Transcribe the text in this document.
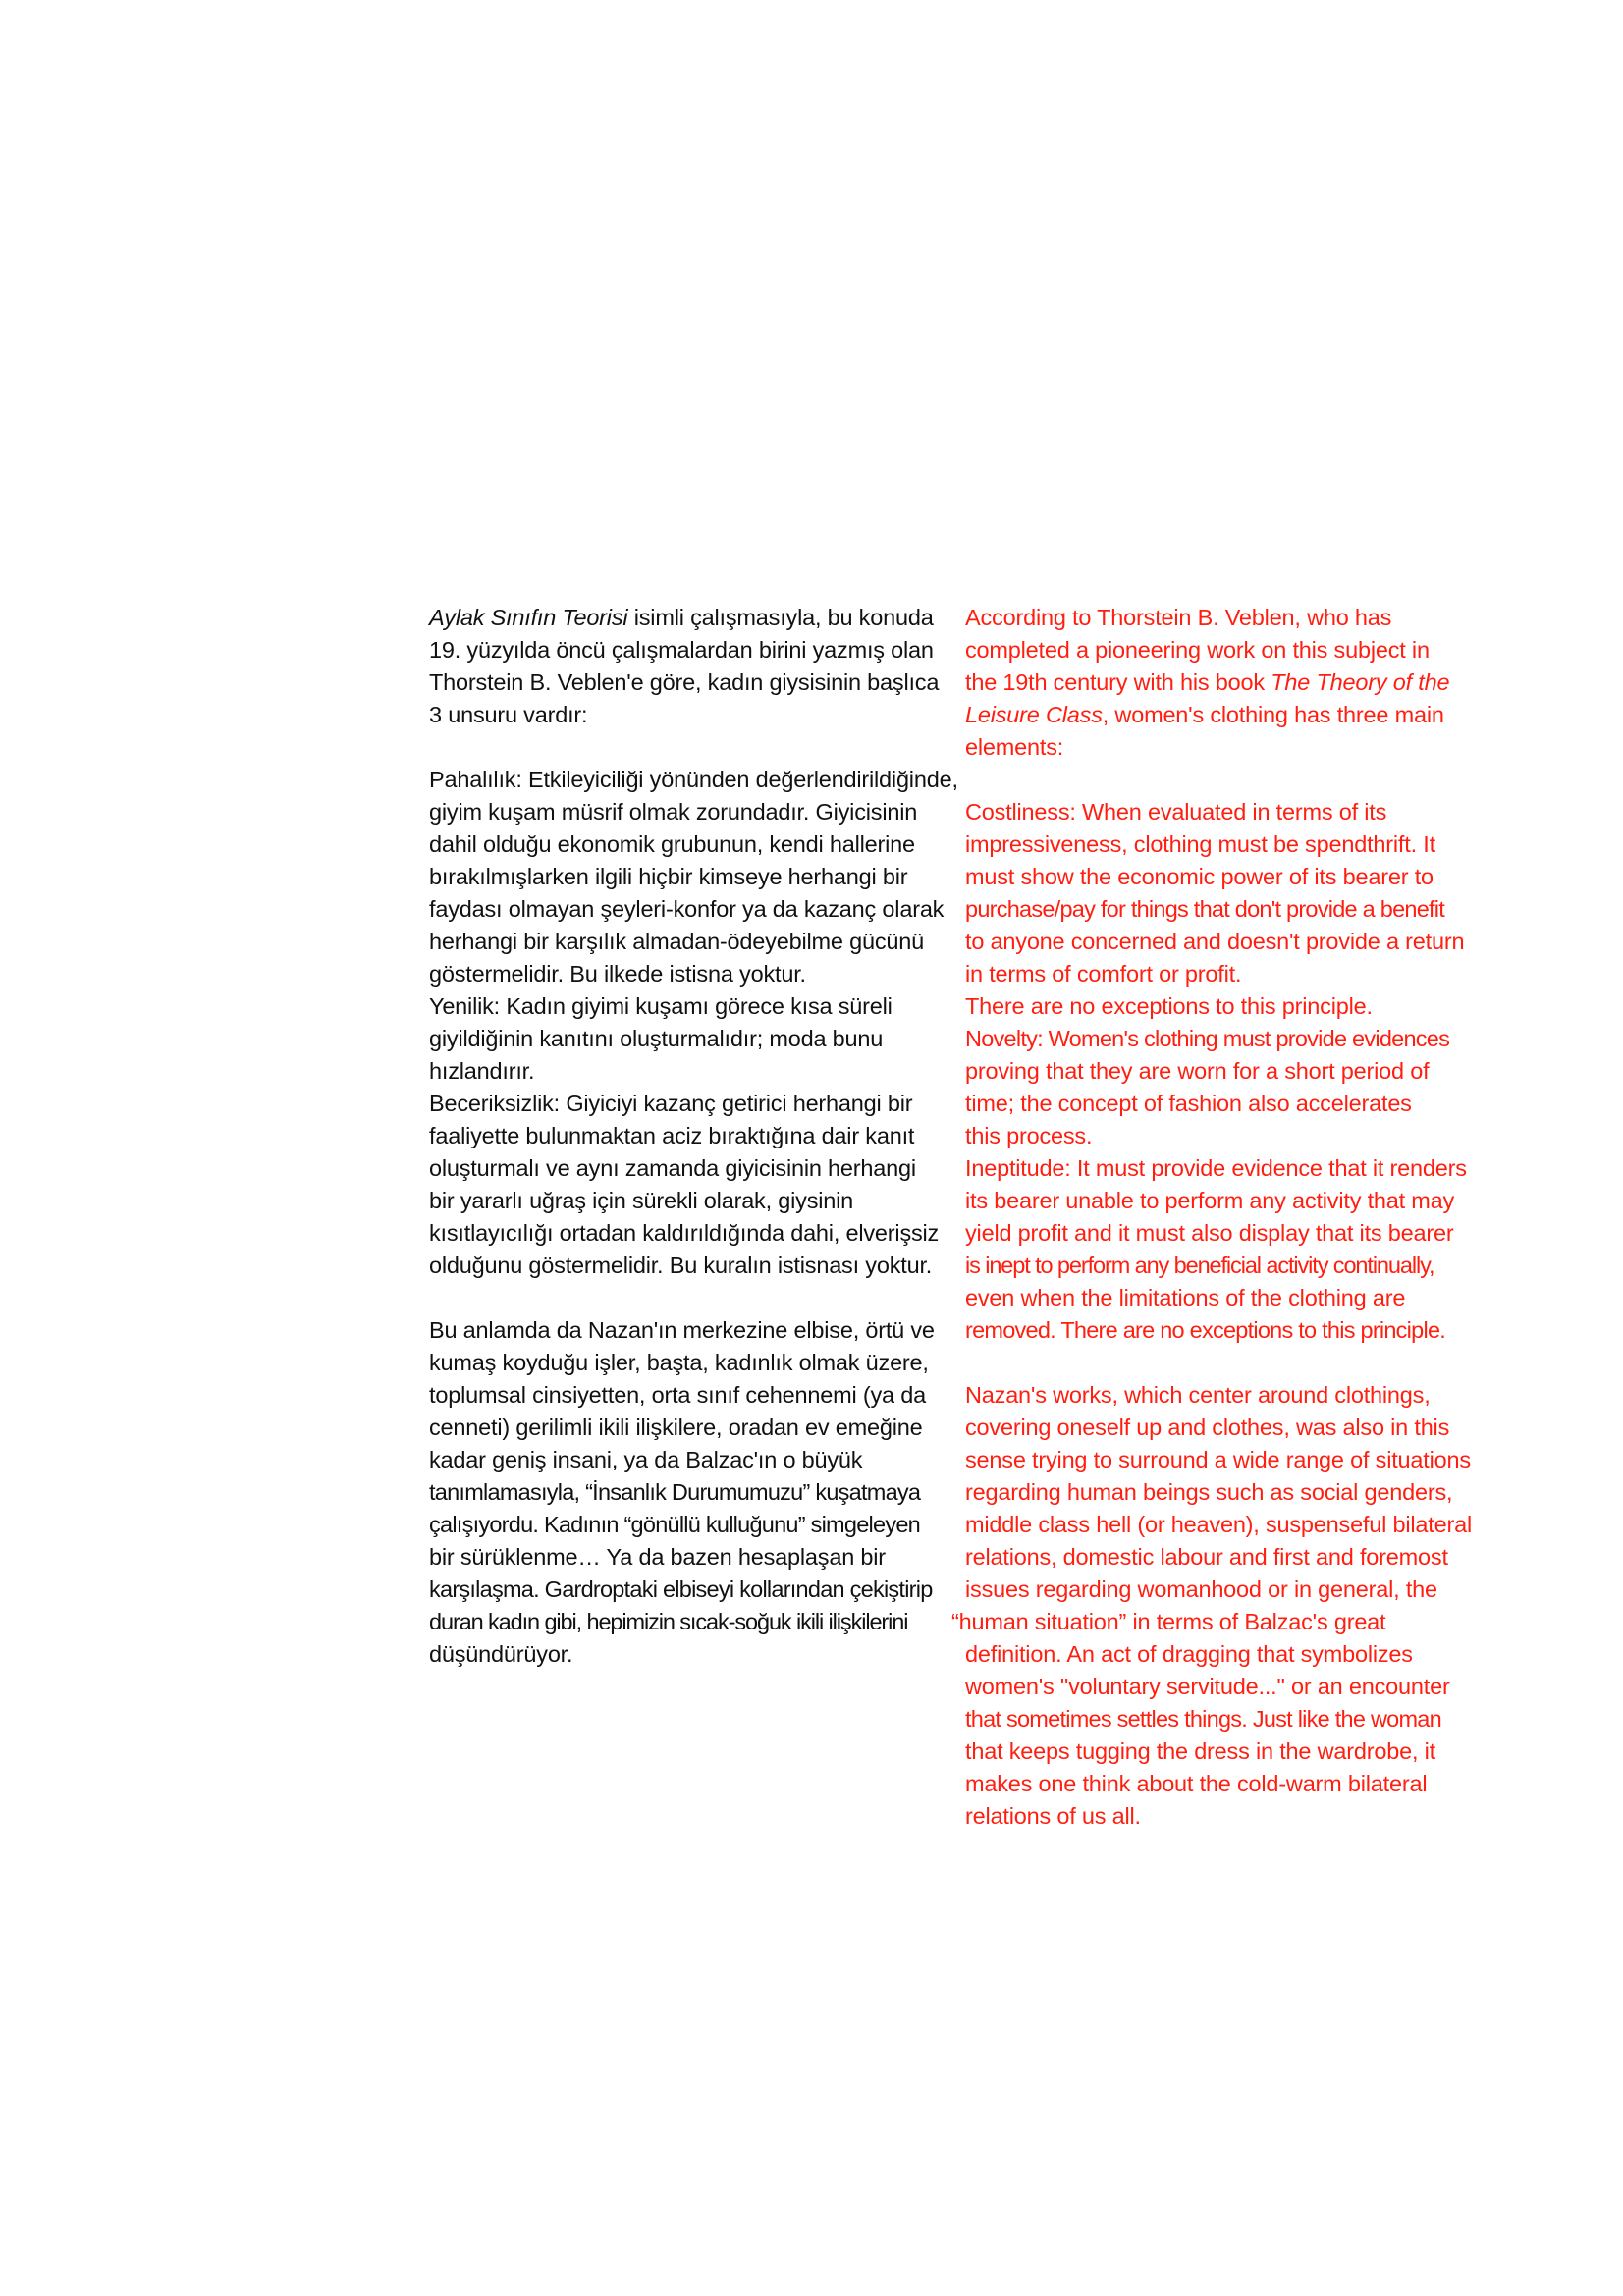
Aylak Sınıfın Teorisi isimli çalışmasıyla, bu konuda
19. yüzyılda öncü çalışmalardan birini yazmış olan
Thorstein B. Veblen'e göre, kadın giysisinin başlıca
3 unsuru vardır:
Pahalılık: Etkileyiciliği yönünden değerlendirildiğinde,
giyim kuşam müsrif olmak zorundadır. Giyicisinin
dahil olduğu ekonomik grubunun, kendi hallerine
bırakılmışlarken ilgili hiçbir kimseye herhangi bir
faydası olmayan şeyleri-konfor ya da kazanç olarak
herhangi bir karşılık almadan-ödeyebilme gücünü
göstermelidir. Bu ilkede istisna yoktur.
Yenilik: Kadın giyimi kuşamı görece kısa süreli
giyildiğinin kanıtını oluşturmalıdır; moda bunu
hızlandırır.
Beceriksizlik: Giyiciyi kazanç getirici herhangi bir
faaliyette bulunmaktan aciz bıraktığına dair kanıt
oluşturmalı ve aynı zamanda giyicisinin herhangi
bir yararlı uğraş için sürekli olarak, giysinin
kısıtlayıcılığı ortadan kaldırıldığında dahi, elverişsiz
olduğunu göstermelidir. Bu kuralın istisnası yoktur.
Bu anlamda da Nazan'ın merkezine elbise, örtü ve
kumaş koyduğu işler, başta, kadınlık olmak üzere,
toplumsal cinsiyetten, orta sınıf cehennemi (ya da
cenneti) gerilimli ikili ilişkilere, oradan ev emeğine
kadar geniş insani, ya da Balzac'ın o büyük
tanımlamasıyla, “İnsanlık Durumumuzu” kuşatmaya
çalışıyordu. Kadının “gönüllü kulluğunu” simgeleyen
bir sürüklenme… Ya da bazen hesaplaşan bir
karşılaşma. Gardroptaki elbiseyi kollarından çekiştirip
duran kadın gibi, hepimizin sıcak-soğuk ikili ilişkilerini
düşündürüyor.
According to Thorstein B. Veblen, who has
completed a pioneering work on this subject in
the 19th century with his book The Theory of the
Leisure Class, women's clothing has three main
elements:
Costliness: When evaluated in terms of its
impressiveness, clothing must be spendthrift. It
must show the economic power of its bearer to
purchase/pay for things that don't provide a benefit
to anyone concerned and doesn't provide a return
in terms of comfort or profit.
There are no exceptions to this principle.
Novelty: Women's clothing must provide evidences
proving that they are worn for a short period of
time; the concept of fashion also accelerates
this process.
Ineptitude: It must provide evidence that it renders
its bearer unable to perform any activity that may
yield profit and it must also display that its bearer
is inept to perform any beneficial activity continually,
even when the limitations of the clothing are
removed. There are no exceptions to this principle.
Nazan's works, which center around clothings,
covering oneself up and clothes, was also in this
sense trying to surround a wide range of situations
regarding human beings such as social genders,
middle class hell (or heaven), suspenseful bilateral
relations, domestic labour and first and foremost
issues regarding womanhood or in general, the
“human situation” in terms of Balzac's great
definition. An act of dragging that symbolizes
women's "voluntary servitude..." or an encounter
that sometimes settles things. Just like the woman
that keeps tugging the dress in the wardrobe, it
makes one think about the cold-warm bilateral
relations of us all.
